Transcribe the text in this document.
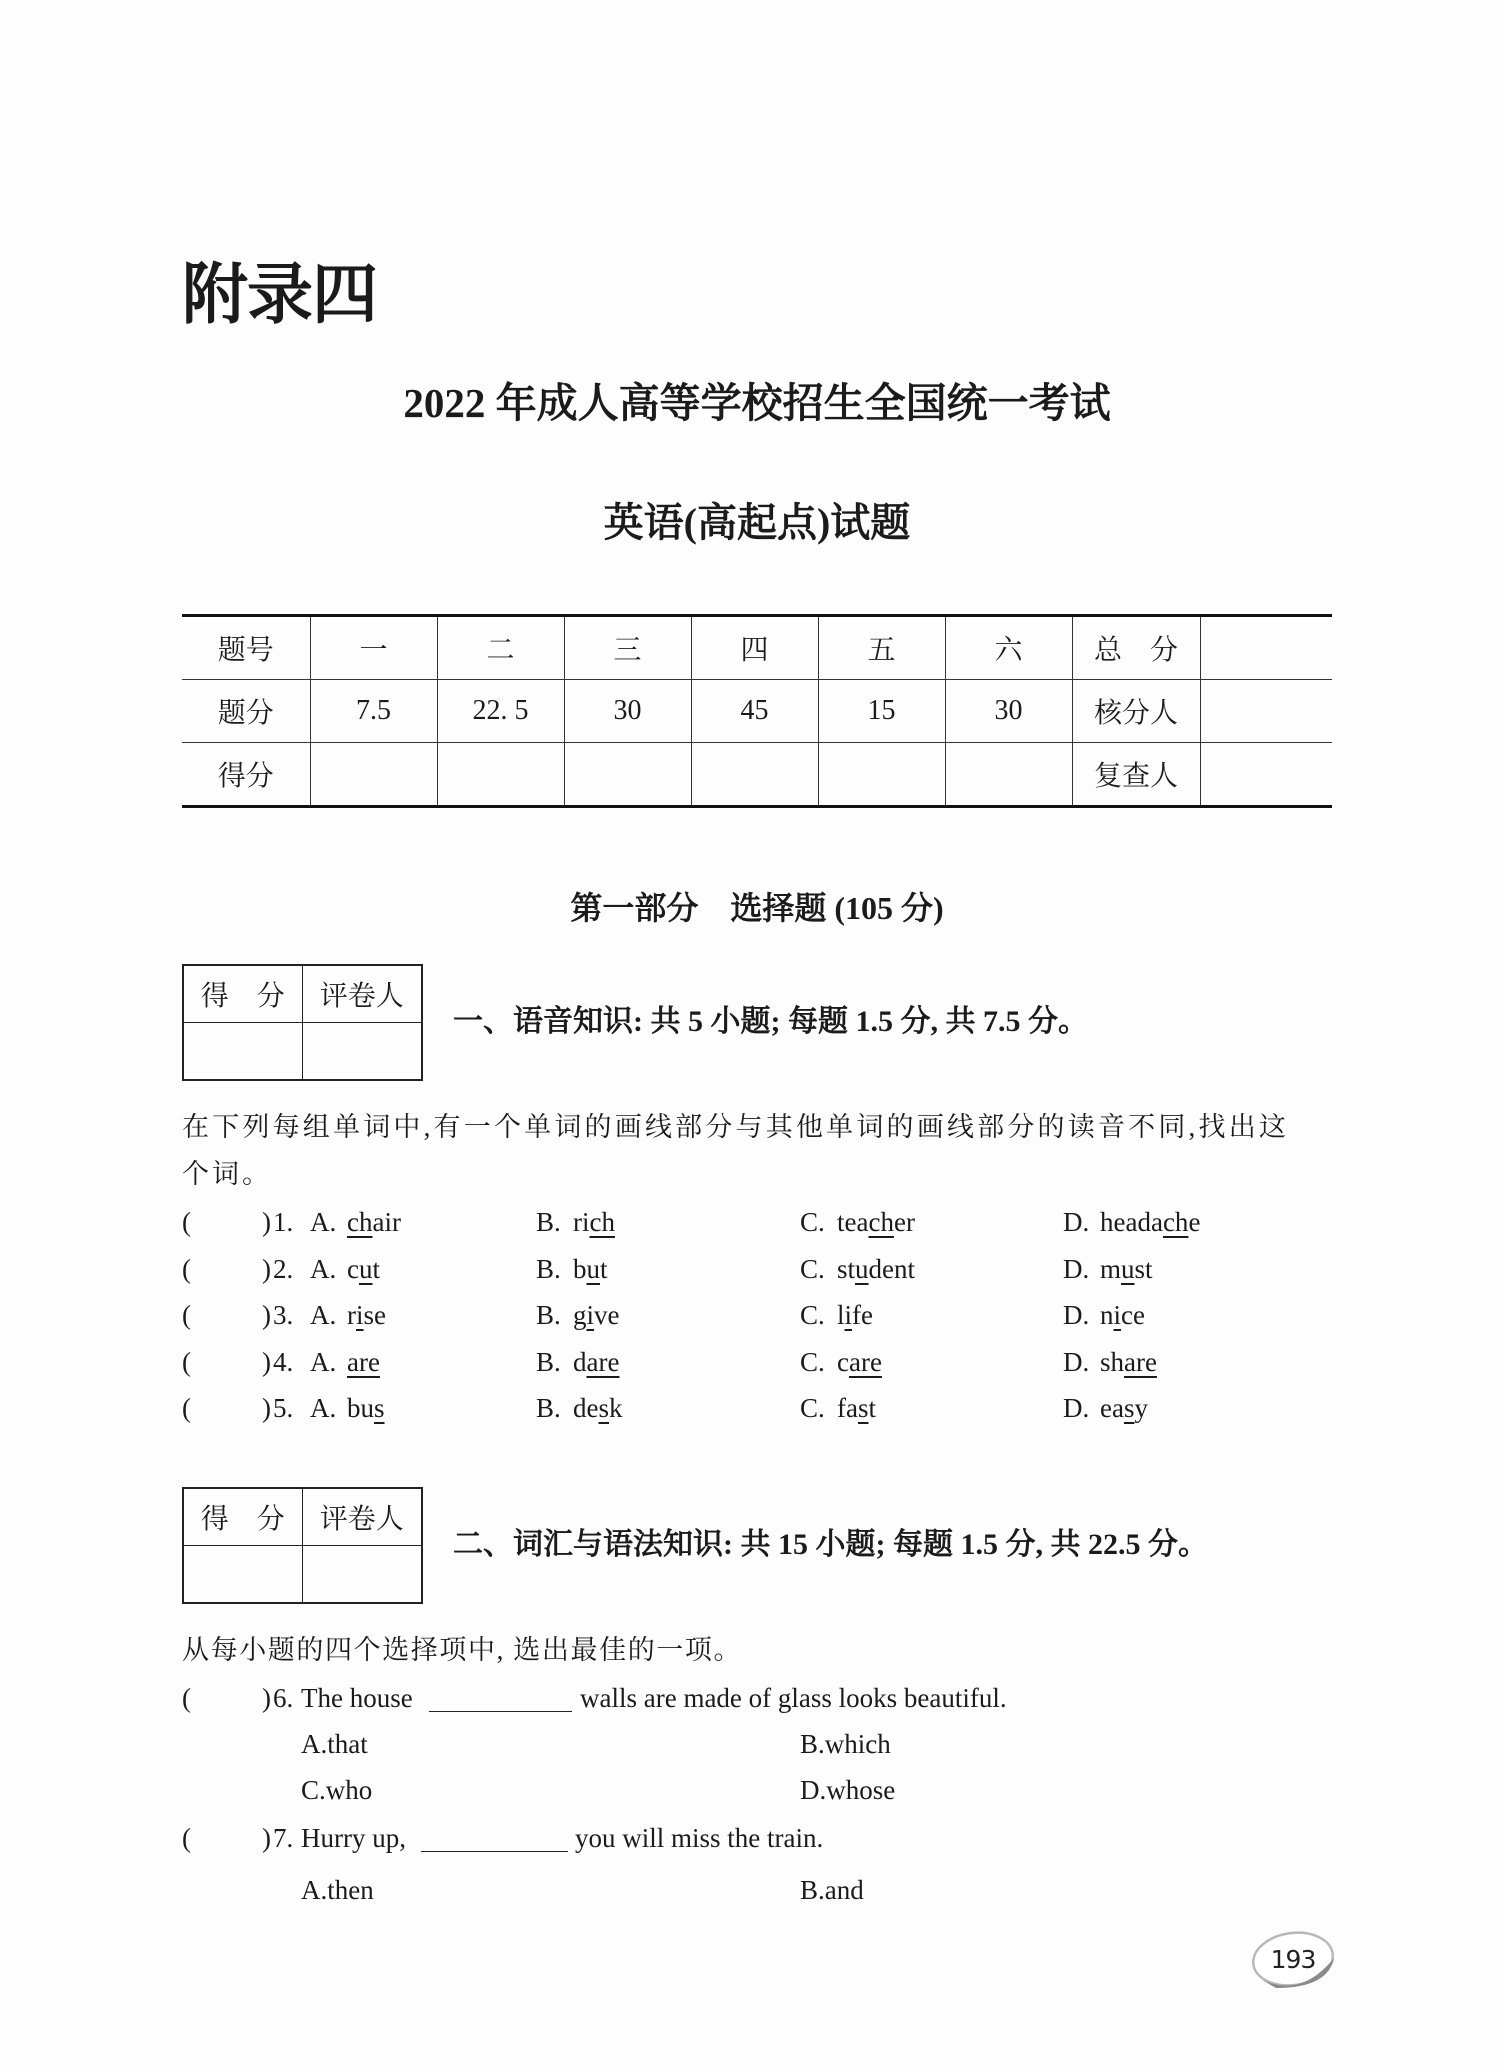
附录四
2022 年成人高等学校招生全国统一考试
英语(高起点)试题
题号	一	二	三	四	五	六	总　分	
题分	7.5	22. 5	30	45	15	30	核分人	
得分							复查人	
第一部分　选择题 (105 分)
得　分	评卷人

一、语音知识: 共 5 小题; 每题 1.5 分, 共 7.5 分。
在下列每组单词中,有一个单词的画线部分与其他单词的画线部分的读音不同,找出这
个词。
(	) 1. A. chair	B. rich	C. teacher	D. headache
(	) 2. A. cut	B. but	C. student	D. must
(	) 3. A. rise	B. give	C. life	D. nice
(	) 4. A. are	B. dare	C. care	D. share
(	) 5. A. bus	B. desk	C. fast	D. easy
得　分	评卷人

二、词汇与语法知识: 共 15 小题; 每题 1.5 分, 共 22.5 分。
从每小题的四个选择项中, 选出最佳的一项。
(	) 6. The house	walls are made of glass looks beautiful.
A.that	B.which
C.who	D.whose
(	) 7. Hurry up,	you will miss the train.
A.then	B.and
193
